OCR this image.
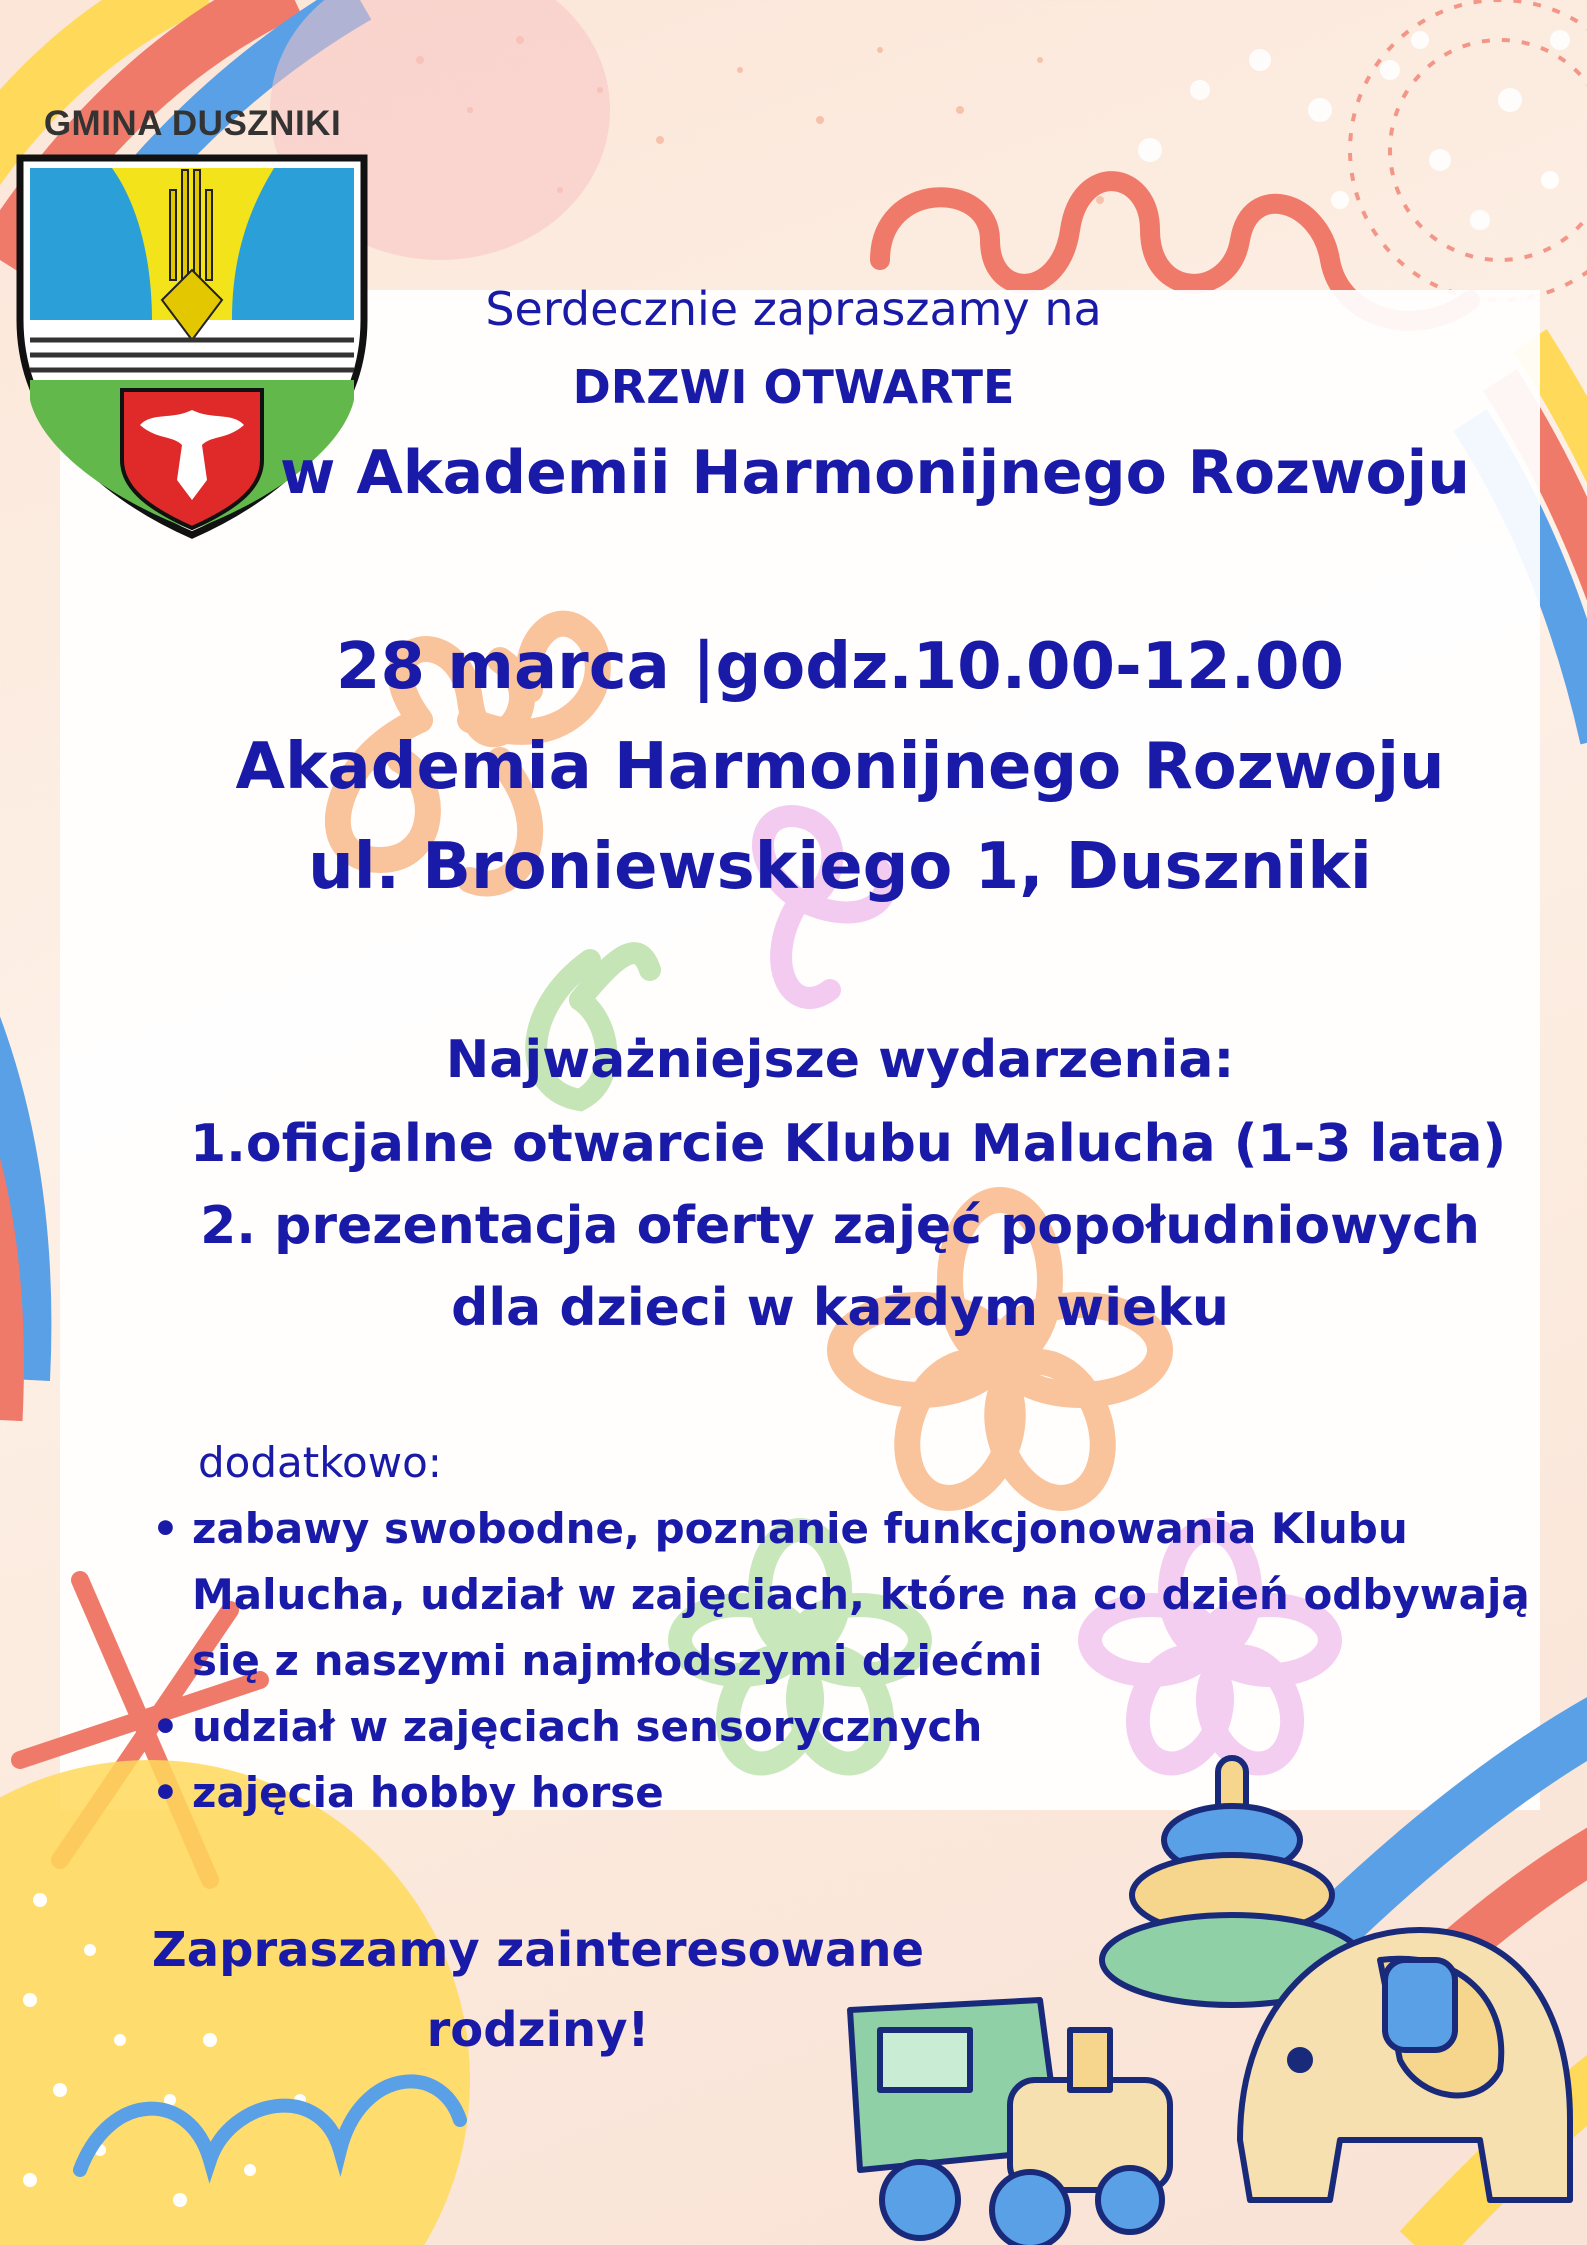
GMINA DUSZNIKI
Serdecznie zapraszamy na
DRZWI OTWARTE
w Akademii Harmonijnego Rozwoju
28 marca |godz.10.00-12.00
Akademia Harmonijnego Rozwoju
ul. Broniewskiego 1, Duszniki
Najważniejsze wydarzenia:
1.oficjalne otwarcie Klubu Malucha (1-3 lata)
2. prezentacja oferty zajęć popołudniowych
dla dzieci w każdym wieku
dodatkowo:
• zabawy swobodne, poznanie funkcjonowania Klubu Malucha, udział w zajęciach, które na co dzień odbywają się z naszymi najmłodszymi dziećmi
• udział w zajęciach sensorycznych
• zajęcia hobby horse
Zapraszamy zainteresowane rodziny!
